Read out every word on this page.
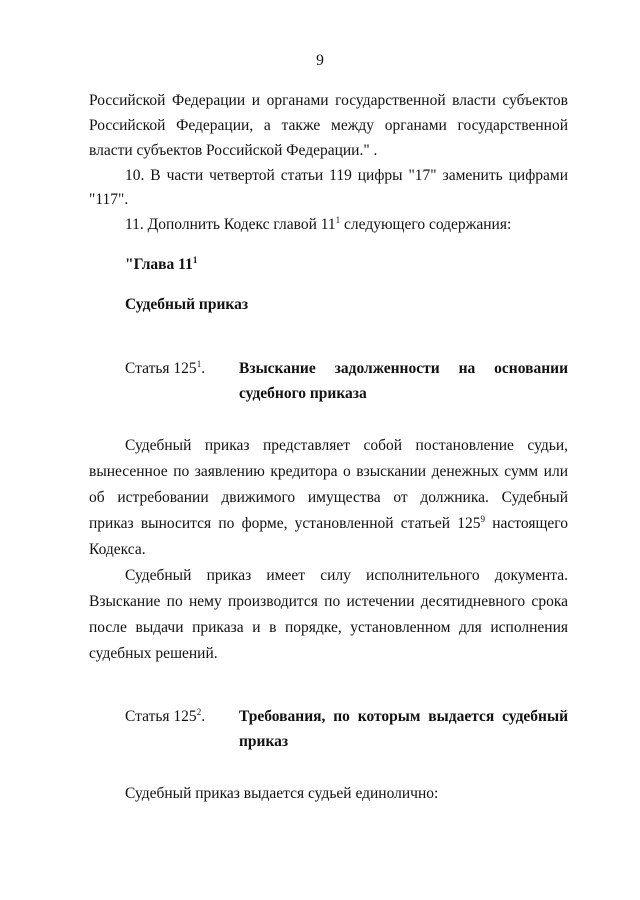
9
Российской Федерации и органами государственной власти субъектов
Российской Федерации, а также между органами государственной
власти субъектов Российской Федерации." .
10. В части четвертой статьи 119 цифры "17" заменить цифрами
"117".
11. Дополнить Кодекс главой $11^1$ следующего содержания:
"Глава $11^1$
Судебный приказ
Статья $125^1$. Взыскание задолженности на основании
судебного приказа
Судебный приказ представляет собой постановление судьи,
вынесенное по заявлению кредитора о взыскании денежных сумм или
об истребовании движимого имущества от должника. Судебный
приказ выносится по форме, установленной статьей $125^9$ настоящего
Кодекса.
Судебный приказ имеет силу исполнительного документа.
Взыскание по нему производится по истечении десятидневного срока
после выдачи приказа и в порядке, установленном для исполнения
судебных решений.
Статья $125^2$. Требования, по которым выдается судебный
приказ
Судебный приказ выдается судьей единолично:
